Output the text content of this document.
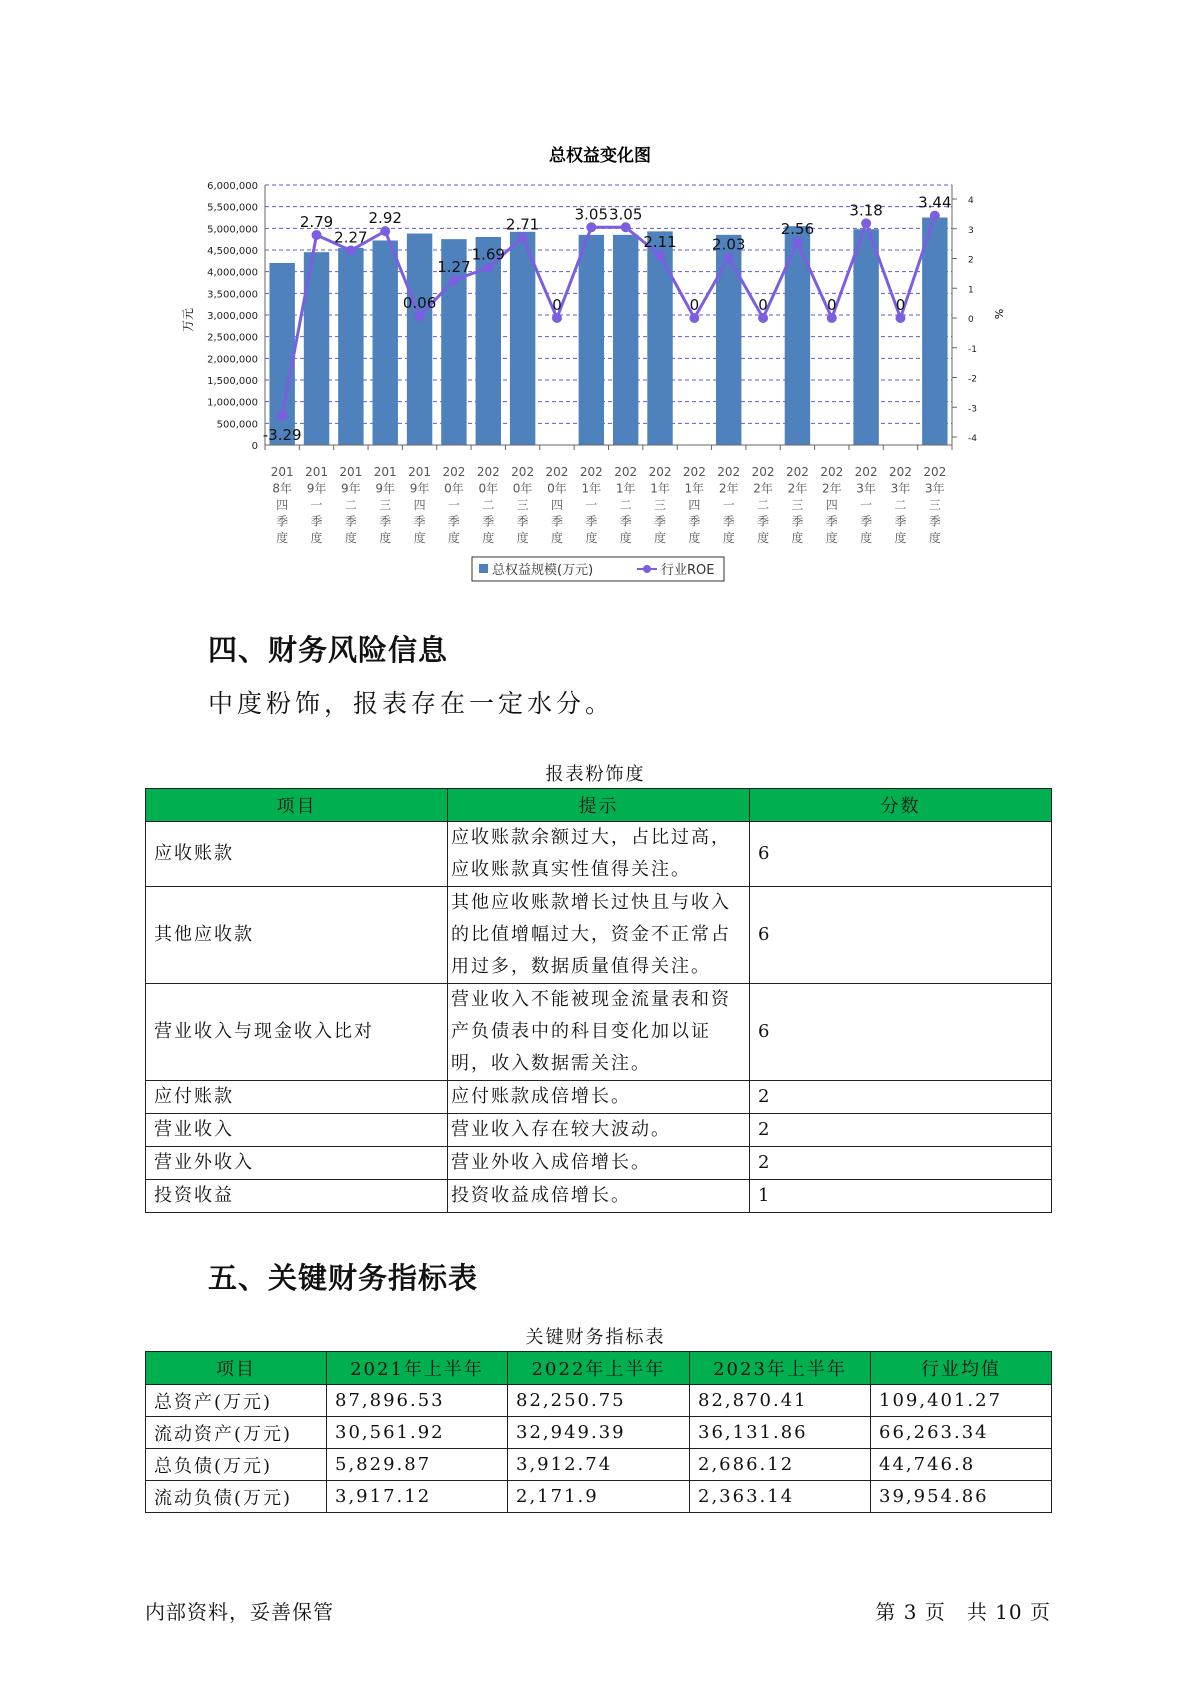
总权益变化图
-3.29
2.79
2.27
2.92
0.06
1.27
1.69
2.71
0
3.05 3.05
2.11
0
2.03
0
2.56
0
3.18
0
3.44
6,000,000
5,500,000
5,000,000
4,500,000
4,000,000
3,500,000
3,000,000
2,500,000
2,000,000
1,500,000
1,000,000
500,000
0
4
3
2
1
0
-1
-2
-3
-4
201 8年四季度
201 9年一季度
201 9年二季度
201 9年三季度
201 9年四季度
202 0年一季度
202 0年二季度
202 0年三季度
202 0年四季度
202 1年一季度
202 1年二季度
202 1年三季度
202 1年四季度
202 2年一季度
202 2年二季度
202 2年三季度
202 2年四季度
202 3年一季度
202 3年二季度
202 3年三季度
万元	%
总权益规模(万元)	行业ROE
四、财务风险信息
中度粉饰，报表存在一定水分。
报表粉饰度
项目	提示	分数
应收账款	应收账款余额过大，占比过高，应收账款真实性值得关注。	6
其他应收款	其他应收账款增长过快且与收入的比值增幅过大，资金不正常占用过多，数据质量值得关注。	6
营业收入与现金收入比对	营业收入不能被现金流量表和资产负债表中的科目变化加以证明，收入数据需关注。	6
应付账款	应付账款成倍增长。	2
营业收入	营业收入存在较大波动。	2
营业外收入	营业外收入成倍增长。	2
投资收益	投资收益成倍增长。	1
五、关键财务指标表
关键财务指标表
项目	2021年上半年	2022年上半年	2023年上半年	行业均值
总资产(万元)	87,896.53	82,250.75	82,870.41	109,401.27
流动资产(万元)	30,561.92	32,949.39	36,131.86	66,263.34
总负债(万元)	5,829.87	3,912.74	2,686.12	44,746.8
流动负债(万元)	3,917.12	2,171.9	2,363.14	39,954.86
内部资料，妥善保管	第 3 页　共 10 页
